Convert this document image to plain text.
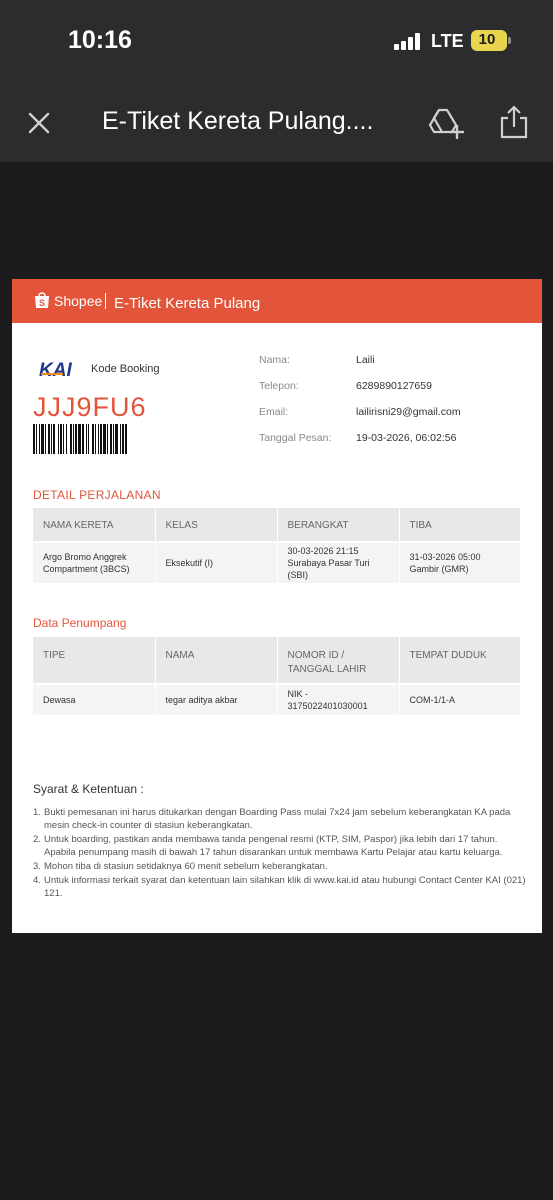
10:16	LTE 10
E-Tiket Kereta Pulang....
S Shopee E-Tiket Kereta Pulang
KAI Kode Booking
JJJ9FU6
Nama:	Laili
Telepon:	6289890127659
Email:	lailirisni29@gmail.com
Tanggal Pesan: 19-03-2026, 06:02:56
DETAIL PERJALANAN
NAMA KERETA	KELAS	BERANGKAT	TIBA
Argo Bromo Anggrek Compartment (3BCS)	Eksekutif (I)	30-03-2026 21:15 Surabaya Pasar Turi (SBI)	31-03-2026 05:00 Gambir (GMR)
Data Penumpang
TIPE	NAMA	NOMOR ID / TANGGAL LAHIR	TEMPAT DUDUK
Dewasa	tegar aditya akbar	NIK - 3175022401030001	COM-1/1-A
Syarat & Ketentuan :
1. Bukti pemesanan ini harus ditukarkan dengan Boarding Pass mulai 7x24 jam sebelum keberangkatan KA pada mesin check-in counter di stasiun keberangkatan.
2. Untuk boarding, pastikan anda membawa tanda pengenal resmi (KTP, SIM, Paspor) jika lebih dari 17 tahun. Apabila penumpang masih di bawah 17 tahun disarankan untuk membawa Kartu Pelajar atau kartu keluarga.
3. Mohon tiba di stasiun setidaknya 60 menit sebelum keberangkatan.
4. Untuk informasi terkait syarat dan ketentuan lain silahkan klik di www.kai.id atau hubungi Contact Center KAI (021) 121.
